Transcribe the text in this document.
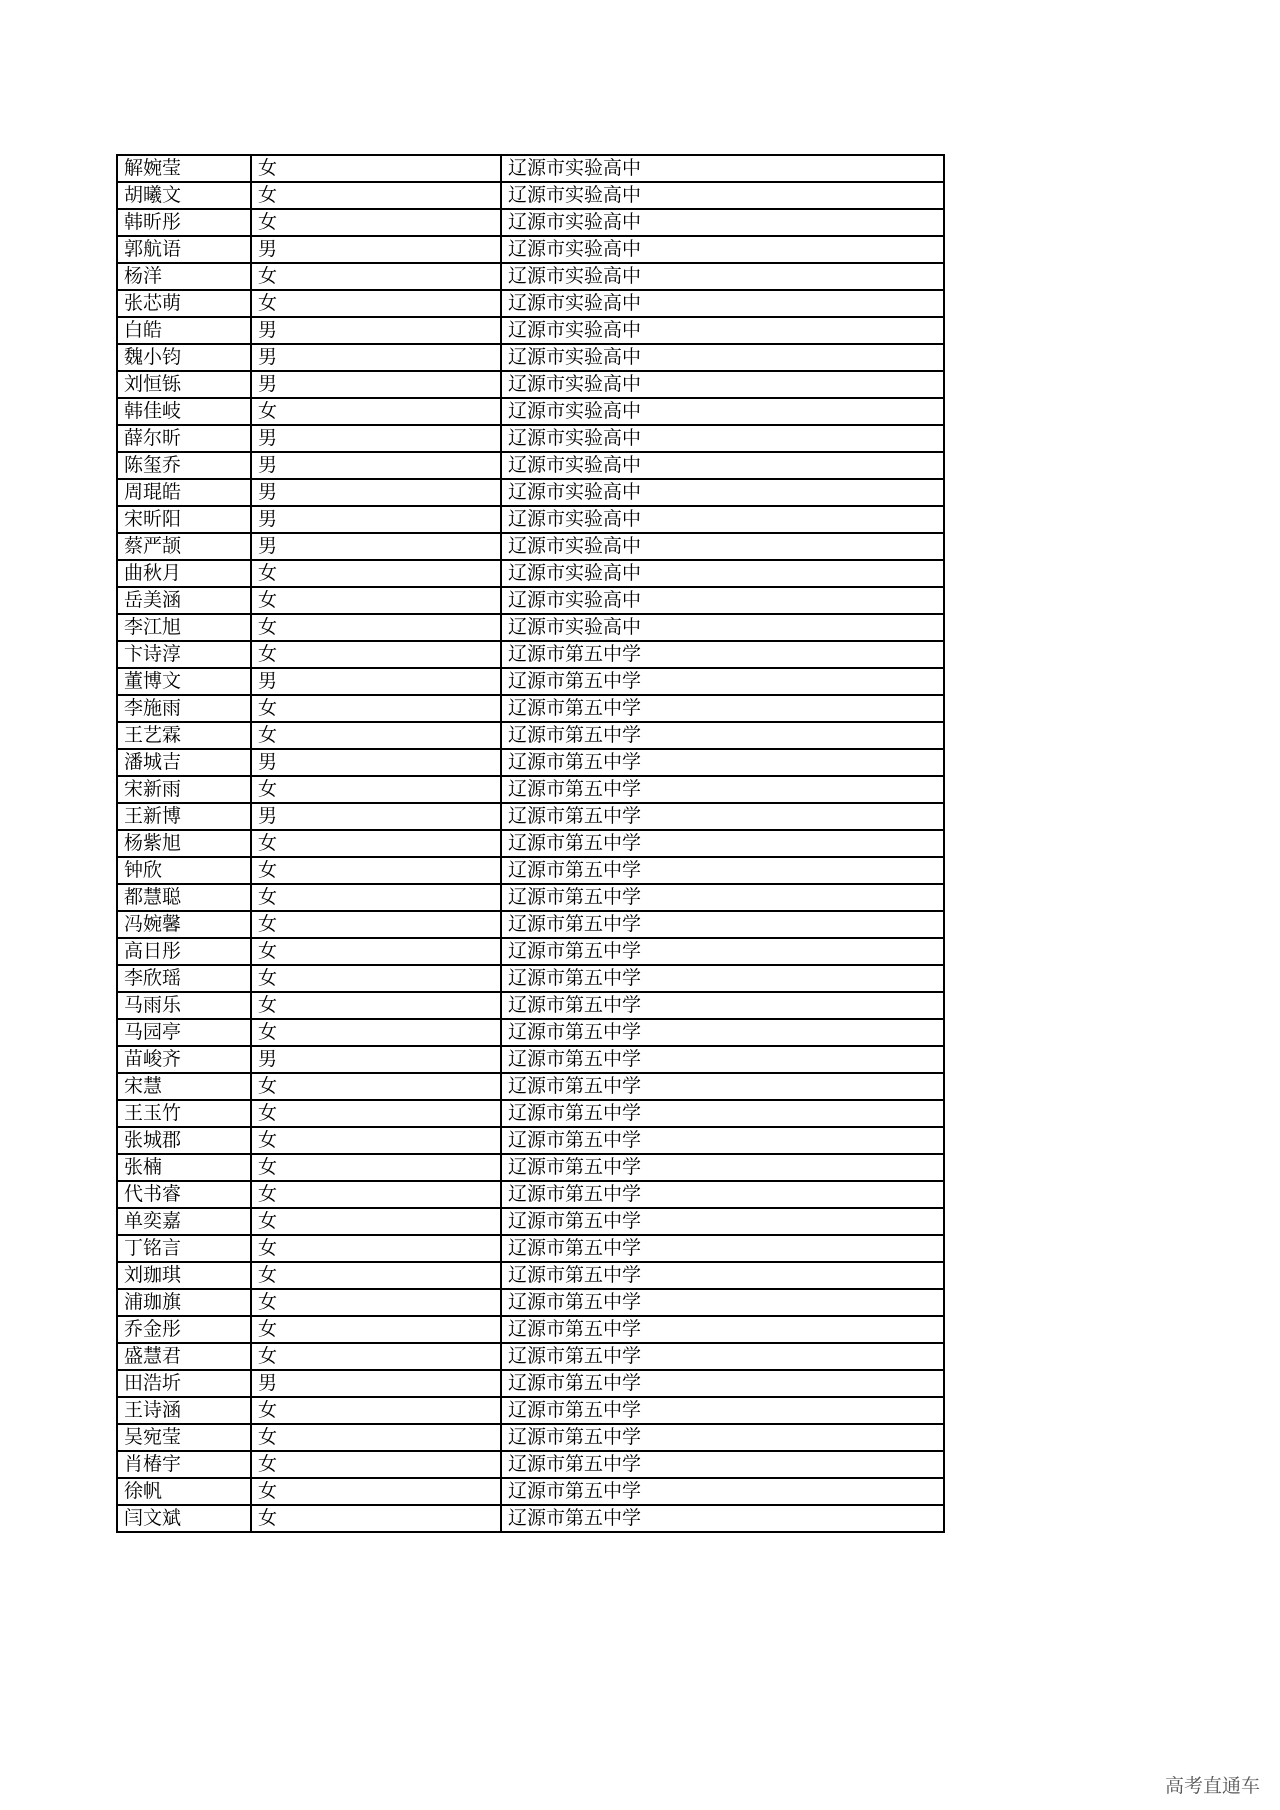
解婉莹	女	辽源市实验高中
胡曦文	女	辽源市实验高中
韩昕彤	女	辽源市实验高中
郭航语	男	辽源市实验高中
杨洋	女	辽源市实验高中
张芯萌	女	辽源市实验高中
白皓	男	辽源市实验高中
魏小钧	男	辽源市实验高中
刘恒铄	男	辽源市实验高中
韩佳岐	女	辽源市实验高中
薛尔昕	男	辽源市实验高中
陈玺乔	男	辽源市实验高中
周琨皓	男	辽源市实验高中
宋昕阳	男	辽源市实验高中
蔡严颉	男	辽源市实验高中
曲秋月	女	辽源市实验高中
岳美涵	女	辽源市实验高中
李江旭	女	辽源市实验高中
卞诗淳	女	辽源市第五中学
董博文	男	辽源市第五中学
李施雨	女	辽源市第五中学
王艺霖	女	辽源市第五中学
潘城吉	男	辽源市第五中学
宋新雨	女	辽源市第五中学
王新博	男	辽源市第五中学
杨紫旭	女	辽源市第五中学
钟欣	女	辽源市第五中学
都慧聪	女	辽源市第五中学
冯婉馨	女	辽源市第五中学
高日彤	女	辽源市第五中学
李欣瑶	女	辽源市第五中学
马雨乐	女	辽源市第五中学
马园亭	女	辽源市第五中学
苗峻齐	男	辽源市第五中学
宋慧	女	辽源市第五中学
王玉竹	女	辽源市第五中学
张城郡	女	辽源市第五中学
张楠	女	辽源市第五中学
代书睿	女	辽源市第五中学
单奕嘉	女	辽源市第五中学
丁铭言	女	辽源市第五中学
刘珈琪	女	辽源市第五中学
浦珈旗	女	辽源市第五中学
乔金彤	女	辽源市第五中学
盛慧君	女	辽源市第五中学
田浩圻	男	辽源市第五中学
王诗涵	女	辽源市第五中学
吴宛莹	女	辽源市第五中学
肖椿宇	女	辽源市第五中学
徐帆	女	辽源市第五中学
闫文斌	女	辽源市第五中学
高考直通车
